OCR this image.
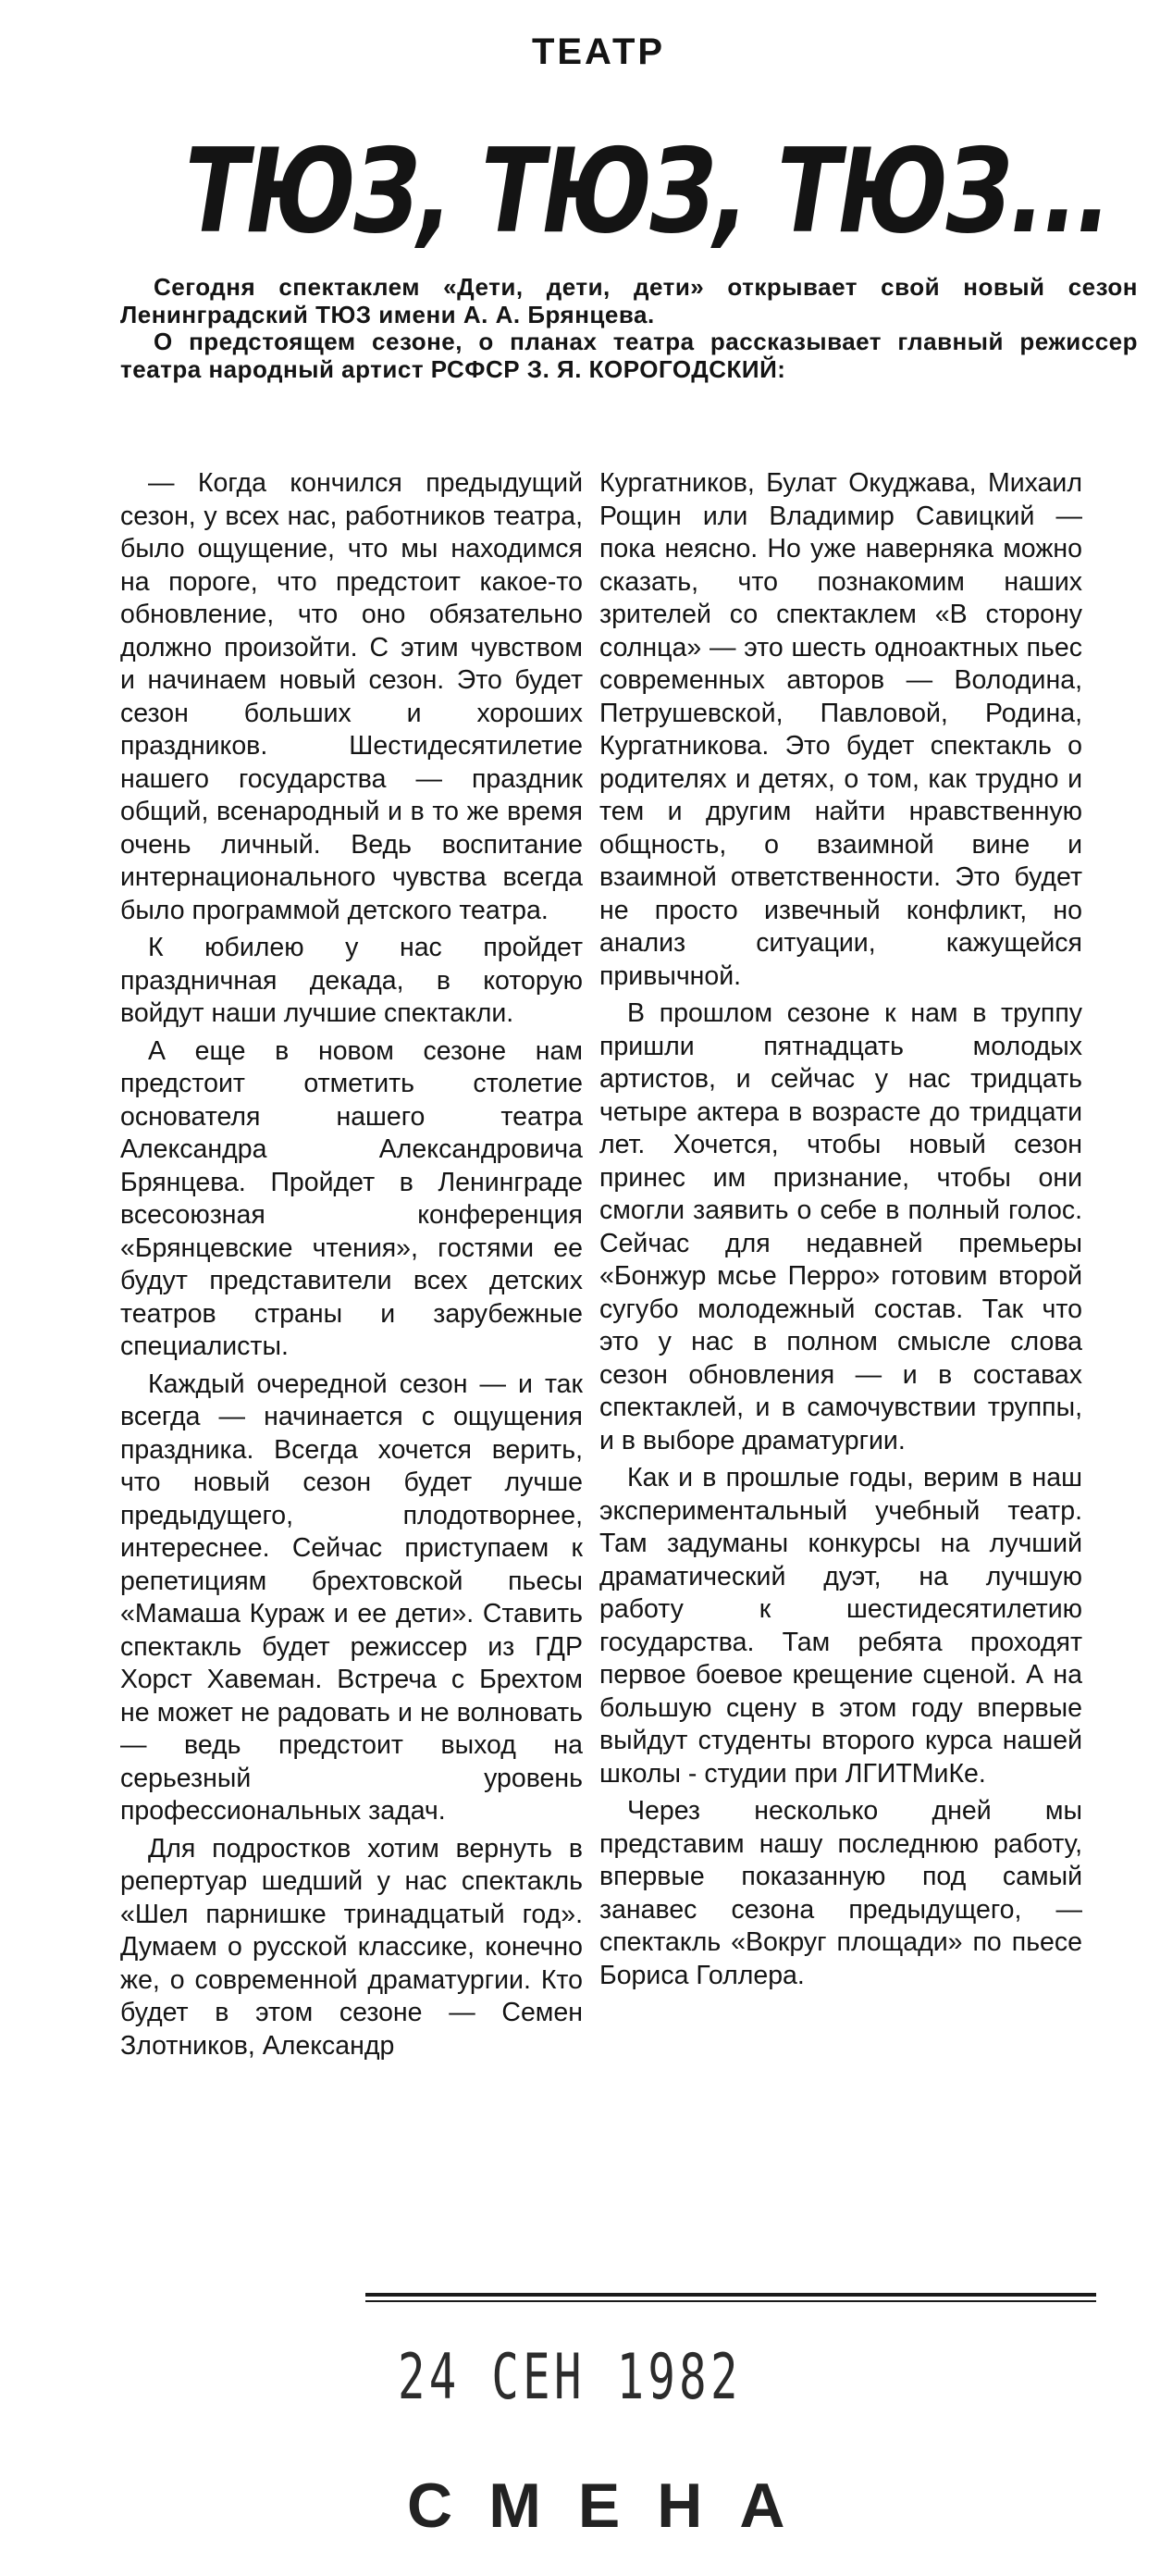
ТЕАТР
ТЮЗ, ТЮЗ, ТЮЗ...

Сегодня спектаклем «Дети, дети, дети» открывает свой новый сезон Ленинградский ТЮЗ имени А. А. Брянцева.

О предстоящем сезоне, о планах театра рассказывает главный режиссер театра народный артист РСФСР З. Я. КОРОГОДСКИЙ:

— Когда кончился предыдущий сезон, у всех нас, работников театра, было ощущение, что мы находимся на пороге, что предстоит какое-то обновление, что оно обязательно должно произойти. С этим чувством и начинаем новый сезон. Это будет сезон больших и хороших праздников. Шестидесятилетие нашего государства — праздник общий, всенародный и в то же время очень личный. Ведь воспитание интернационального чувства всегда было программой детского театра.

К юбилею у нас пройдет праздничная декада, в которую войдут наши лучшие спектакли.

А еще в новом сезоне нам предстоит отметить столетие основателя нашего театра Александра Александровича Брянцева. Пройдет в Ленинграде всесоюзная конференция «Брянцевские чтения», гостями ее будут представители всех детских театров страны и зарубежные специалисты.

Каждый очередной сезон — и так всегда — начинается с ощущения праздника. Всегда хочется верить, что новый сезон будет лучше предыдущего, плодотворнее, интереснее. Сейчас приступаем к репетициям брехтовской пьесы «Мамаша Кураж и ее дети». Ставить спектакль будет режиссер из ГДР Хорст Хавеман. Встреча с Брехтом не может не радовать и не волновать — ведь предстоит выход на серьезный уровень профессиональных задач.

Для подростков хотим вернуть в репертуар шедший у нас спектакль «Шел парнишке тринадцатый год». Думаем о русской классике, конечно же, о современной драматургии. Кто будет в этом сезоне — Семен Злотников, Александр

Кургатников, Булат Окуджава, Михаил Рощин или Владимир Савицкий — пока неясно. Но уже наверняка можно сказать, что познакомим наших зрителей со спектаклем «В сторону солнца» — это шесть одноактных пьес современных авторов — Володина, Петрушевской, Павловой, Родина, Кургатникова. Это будет спектакль о родителях и детях, о том, как трудно и тем и другим найти нравственную общность, о взаимной вине и взаимной ответственности. Это будет не просто извечный конфликт, но анализ ситуации, кажущейся привычной.

В прошлом сезоне к нам в труппу пришли пятнадцать молодых артистов, и сейчас у нас тридцать четыре актера в возрасте до тридцати лет. Хочется, чтобы новый сезон принес им признание, чтобы они смогли заявить о себе в полный голос. Сейчас для недавней премьеры «Бонжур мсье Перро» готовим второй сугубо молодежный состав. Так что это у нас в полном смысле слова сезон обновления — и в составах спектаклей, и в самочувствии труппы, и в выборе драматургии.

Как и в прошлые годы, верим в наш экспериментальный учебный театр. Там задуманы конкурсы на лучший драматический дуэт, на лучшую работу к шестидесятилетию государства. Там ребята проходят первое боевое крещение сценой. А на большую сцену в этом году впервые выйдут студенты второго курса нашей школы - студии при ЛГИТМиКе.

Через несколько дней мы представим нашу последнюю работу, впервые показанную под самый занавес сезона предыдущего, — спектакль «Вокруг площади» по пьесе Бориса Голлера.

24 СЕН 1982
СМЕНА
